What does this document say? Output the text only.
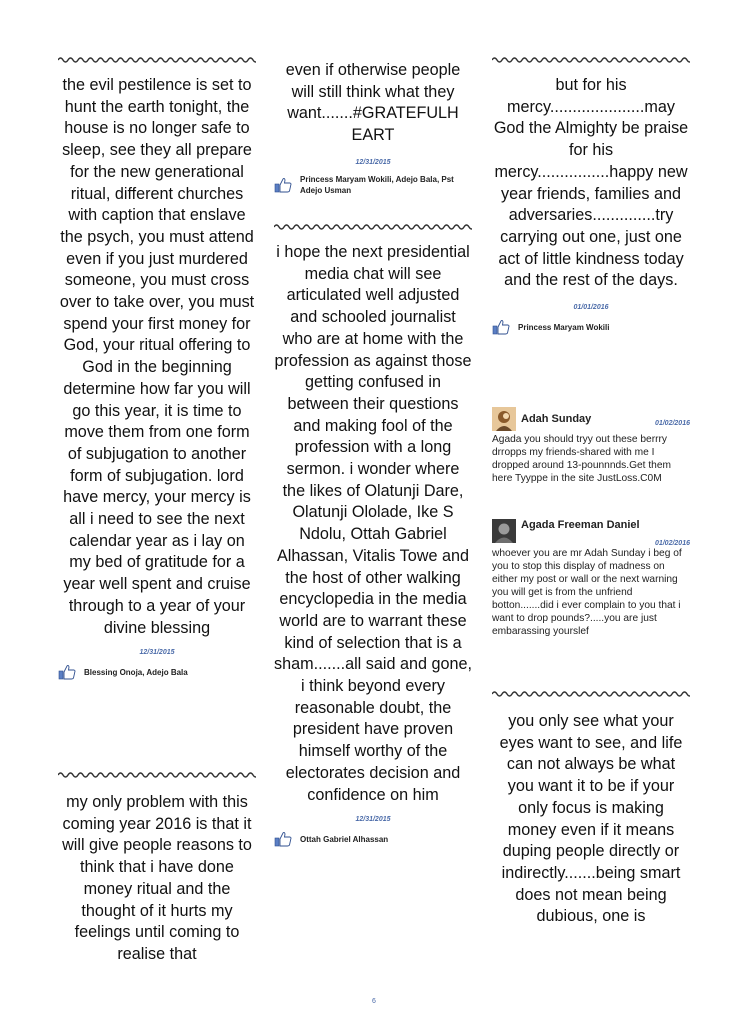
the evil pestilence is set to hunt the earth tonight, the house is no longer safe to sleep, see they all prepare for the new generational ritual, different churches with caption that enslave the psych, you must attend even if you just murdered someone, you must cross over to take over, you must spend your first money for God, your ritual offering to God in the beginning determine how far you will go this year, it is time to move them from one form of subjugation to another form of subjugation. lord have mercy, your mercy is all i need to see the next calendar year as i lay on my bed of gratitude for a year well spent and cruise through to a year of your divine blessing

12/31/2015

Blessing Onoja, Adejo Bala

my only problem with this coming year 2016 is that it will give people reasons to think that i have done money ritual and the thought of it hurts my feelings until coming to realise that

even if otherwise people will still think what they want.......#GRATEFULH EART

12/31/2015

Princess Maryam Wokili, Adejo Bala, Pst Adejo Usman

i hope the next presidential media chat will see articulated well adjusted and schooled journalist who are at home with the profession as against those getting confused in between their questions and making fool of the profession with a long sermon. i wonder where the likes of Olatunji Dare, Olatunji Ololade, Ike S Ndolu, Ottah Gabriel Alhassan, Vitalis Towe and the host of other walking encyclopedia in the media world are to warrant these kind of selection that is a sham.......all said and gone, i think beyond every reasonable doubt, the president have proven himself worthy of the electorates decision and confidence on him

12/31/2015

Ottah Gabriel Alhassan

but for his mercy.....................may God the Almighty be praise for his mercy................happy new year friends, families and adversaries..............try carrying out one, just one act of little kindness today and the rest of the days.

01/01/2016

Princess Maryam Wokili
Adah Sunday	01/02/2016

Agada you should tryy out these berrry drropps my friends-shared with me I dropped around 13-pounnnds.Get them here Tyyppe in the site JustLoss.C0M

Agada Freeman Daniel
01/02/2016

whoever you are mr Adah Sunday i beg of you to stop this display of madness on either my post or wall or the next warning you will get is from the unfriend botton.......did i ever complain to you that i want to drop pounds?.....you are just embarassing yourslef

you only see what your eyes want to see, and life can not always be what you want it to be if your only focus is making money even if it means duping people directly or indirectly.......being smart does not mean being dubious, one is

6
